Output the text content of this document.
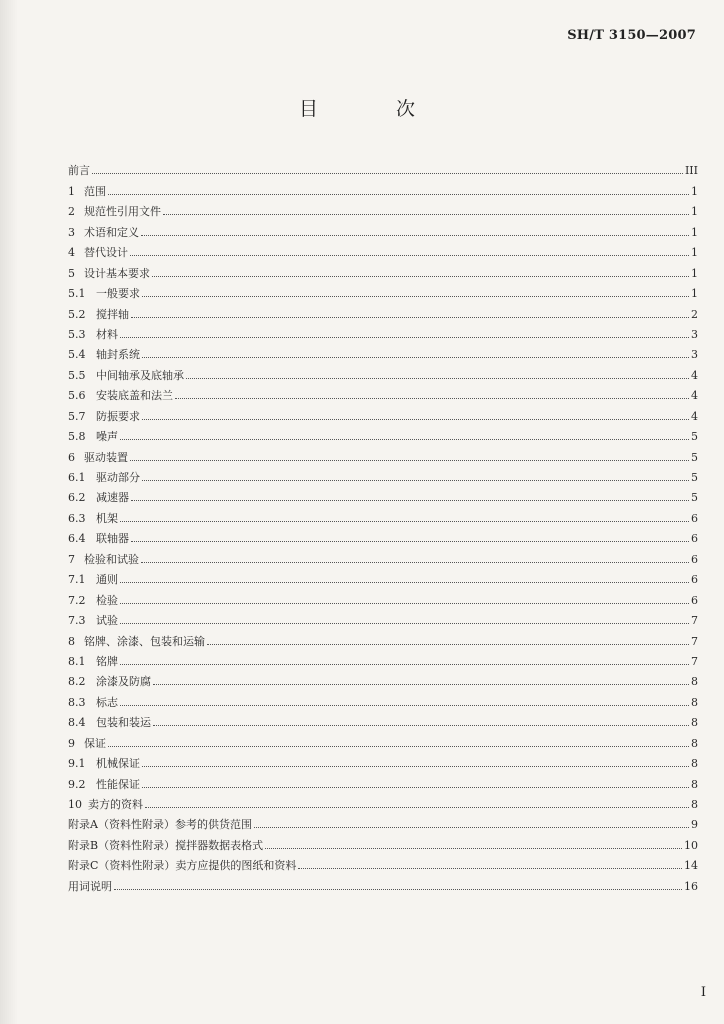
SH/T 3150—2007
目 次
前言	III
1 范围	1
2 规范性引用文件	1
3 术语和定义	1
4 替代设计	1
5 设计基本要求	1
5.1 一般要求	1
5.2 搅拌轴	2
5.3 材料	3
5.4 轴封系统	3
5.5 中间轴承及底轴承	4
5.6 安装底盖和法兰	4
5.7 防振要求	4
5.8 噪声	5
6 驱动装置	5
6.1 驱动部分	5
6.2 减速器	5
6.3 机架	6
6.4 联轴器	6
7 检验和试验	6
7.1 通则	6
7.2 检验	6
7.3 试验	7
8 铭牌、涂漆、包装和运输	7
8.1 铭牌	7
8.2 涂漆及防腐	8
8.3 标志	8
8.4 包装和装运	8
9 保证	8
9.1 机械保证	8
9.2 性能保证	8
10 卖方的资料	8
附录A（资料性附录）参考的供货范围	9
附录B（资料性附录）搅拌器数据表格式	10
附录C（资料性附录）卖方应提供的图纸和资料	14
用词说明	16
I
